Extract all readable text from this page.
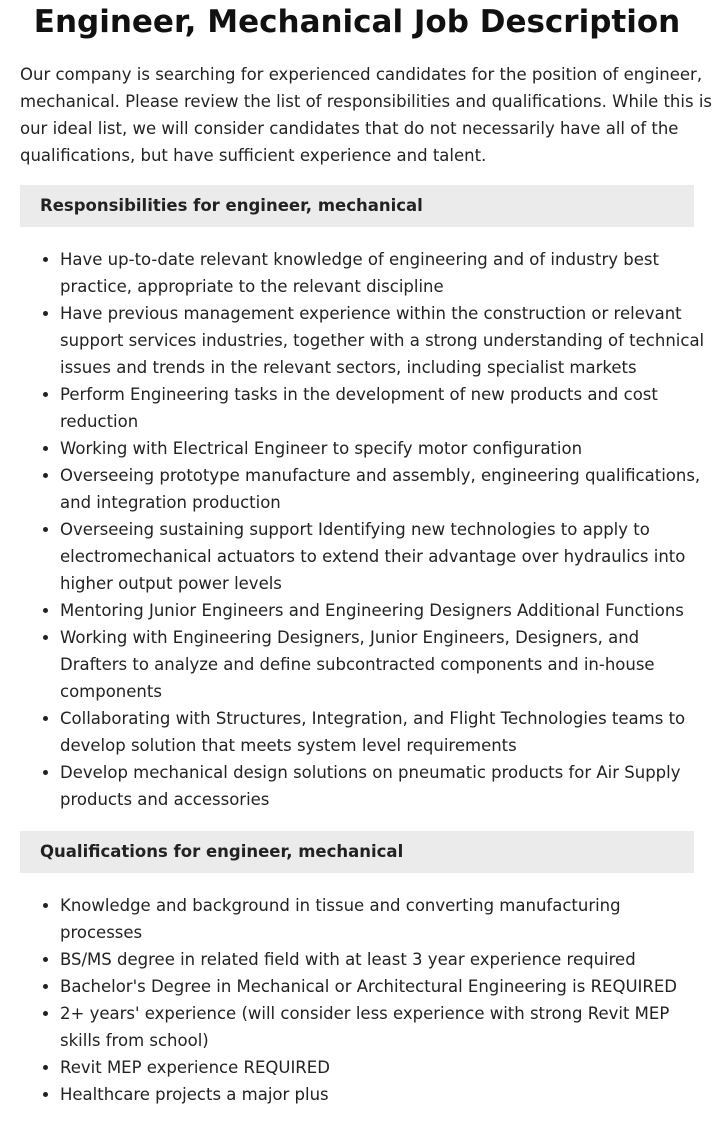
Engineer, Mechanical Job Description

Our company is searching for experienced candidates for the position of engineer,
mechanical. Please review the list of responsibilities and qualifications. While this is
our ideal list, we will consider candidates that do not necessarily have all of the
qualifications, but have sufficient experience and talent.

Responsibilities for engineer, mechanical
• Have up-to-date relevant knowledge of engineering and of industry best
practice, appropriate to the relevant discipline
• Have previous management experience within the construction or relevant
support services industries, together with a strong understanding of technical
issues and trends in the relevant sectors, including specialist markets
• Perform Engineering tasks in the development of new products and cost
reduction
• Working with Electrical Engineer to specify motor configuration
• Overseeing prototype manufacture and assembly, engineering qualifications,
and integration production
• Overseeing sustaining support Identifying new technologies to apply to
electromechanical actuators to extend their advantage over hydraulics into
higher output power levels
• Mentoring Junior Engineers and Engineering Designers Additional Functions
• Working with Engineering Designers, Junior Engineers, Designers, and
Drafters to analyze and define subcontracted components and in-house
components
• Collaborating with Structures, Integration, and Flight Technologies teams to
develop solution that meets system level requirements
• Develop mechanical design solutions on pneumatic products for Air Supply
products and accessories
Qualifications for engineer, mechanical
• Knowledge and background in tissue and converting manufacturing
processes
• BS/MS degree in related field with at least 3 year experience required
• Bachelor's Degree in Mechanical or Architectural Engineering is REQUIRED
• 2+ years' experience (will consider less experience with strong Revit MEP
skills from school)
• Revit MEP experience REQUIRED
• Healthcare projects a major plus
